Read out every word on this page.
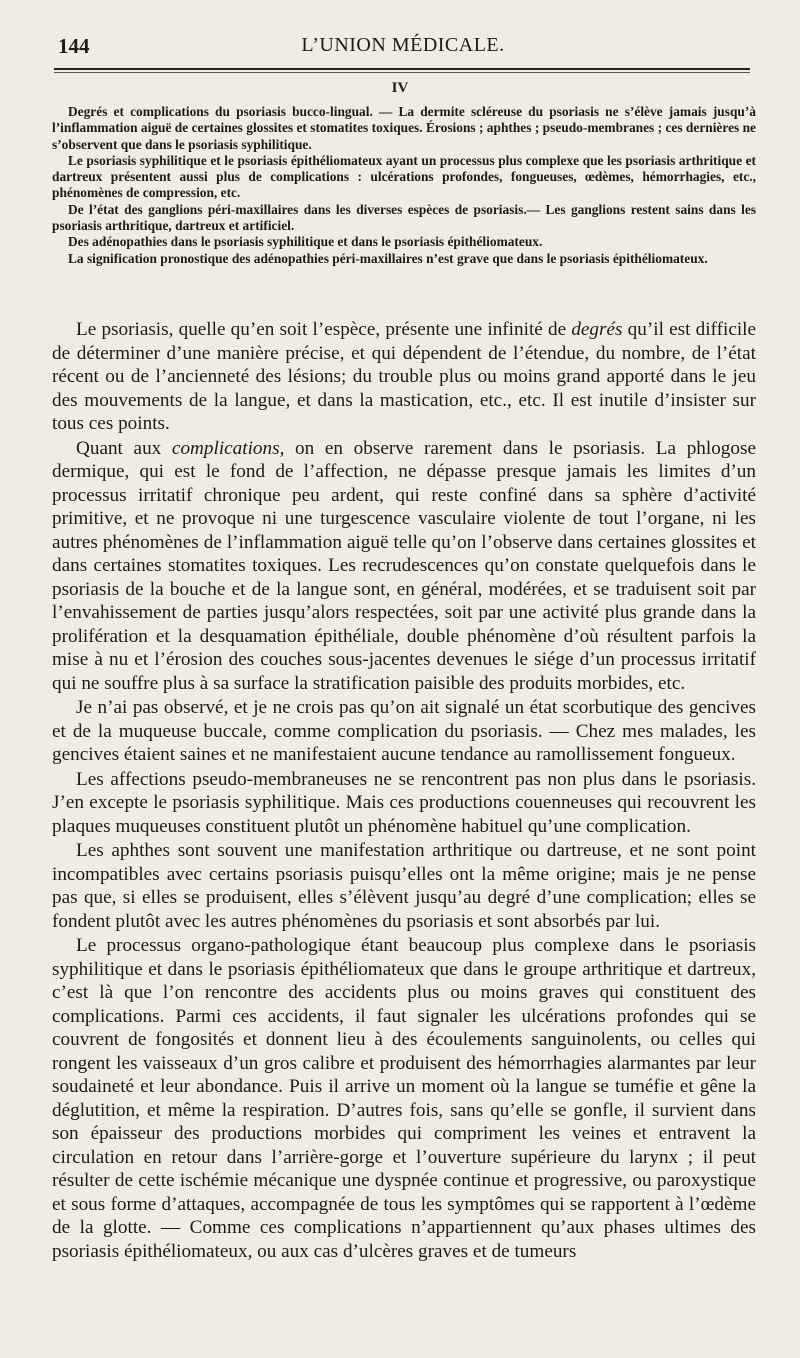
144	L’UNION MÉDICALE.
IV

Degrés et complications du psoriasis bucco-lingual. — La dermite scléreuse du psoriasis ne s’élève jamais jusqu’à l’inflammation aiguë de certaines glossites et stomatites toxiques. Érosions ; aphthes ; pseudo-membranes ; ces dernières ne s’observent que dans le psoriasis syphilitique.

Le psoriasis syphilitique et le psoriasis épithéliomateux ayant un processus plus complexe que les psoriasis arthritique et dartreux présentent aussi plus de complications : ulcérations profondes, fongueuses, œdèmes, hémorrhagies, etc., phénomènes de compression, etc.

De l’état des ganglions péri-maxillaires dans les diverses espèces de psoriasis.— Les ganglions restent sains dans les psoriasis arthritique, dartreux et artificiel.

Des adénopathies dans le psoriasis syphilitique et dans le psoriasis épithéliomateux.

La signification pronostique des adénopathies péri-maxillaires n’est grave que dans le psoriasis épithéliomateux.

Le psoriasis, quelle qu’en soit l’espèce, présente une infinité de degrés qu’il est difficile de déterminer d’une manière précise, et qui dépendent de l’étendue, du nombre, de l’état récent ou de l’ancienneté des lésions; du trouble plus ou moins grand apporté dans le jeu des mouvements de la langue, et dans la mastication, etc., etc. Il est inutile d’insister sur tous ces points.

Quant aux complications, on en observe rarement dans le psoriasis. La phlogose dermique, qui est le fond de l’affection, ne dépasse presque jamais les limites d’un processus irritatif chronique peu ardent, qui reste confiné dans sa sphère d’activité primitive, et ne provoque ni une turgescence vasculaire violente de tout l’organe, ni les autres phénomènes de l’inflammation aiguë telle qu’on l’observe dans certaines glossites et dans certaines stomatites toxiques. Les recrudescences qu’on constate quelquefois dans le psoriasis de la bouche et de la langue sont, en général, modérées, et se traduisent soit par l’envahissement de parties jusqu’alors respectées, soit par une activité plus grande dans la prolifération et la desquamation épithéliale, double phénomène d’où résultent parfois la mise à nu et l’érosion des couches sous-jacentes devenues le siége d’un processus irritatif qui ne souffre plus à sa surface la stratification paisible des produits morbides, etc.

Je n’ai pas observé, et je ne crois pas qu’on ait signalé un état scorbutique des gencives et de la muqueuse buccale, comme complication du psoriasis. — Chez mes malades, les gencives étaient saines et ne manifestaient aucune tendance au ramollissement fongueux.

Les affections pseudo-membraneuses ne se rencontrent pas non plus dans le psoriasis. J’en excepte le psoriasis syphilitique. Mais ces productions couenneuses qui recouvrent les plaques muqueuses constituent plutôt un phénomène habituel qu’une complication.

Les aphthes sont souvent une manifestation arthritique ou dartreuse, et ne sont point incompatibles avec certains psoriasis puisqu’elles ont la même origine; mais je ne pense pas que, si elles se produisent, elles s’élèvent jusqu’au degré d’une complication; elles se fondent plutôt avec les autres phénomènes du psoriasis et sont absorbés par lui.

Le processus organo-pathologique étant beaucoup plus complexe dans le psoriasis syphilitique et dans le psoriasis épithéliomateux que dans le groupe arthritique et dartreux, c’est là que l’on rencontre des accidents plus ou moins graves qui constituent des complications. Parmi ces accidents, il faut signaler les ulcérations profondes qui se couvrent de fongosités et donnent lieu à des écoulements sanguinolents, ou celles qui rongent les vaisseaux d’un gros calibre et produisent des hémorrhagies alarmantes par leur soudaineté et leur abondance. Puis il arrive un moment où la langue se tuméfie et gêne la déglutition, et même la respiration. D’autres fois, sans qu’elle se gonfle, il survient dans son épaisseur des productions morbides qui compriment les veines et entravent la circulation en retour dans l’arrière-gorge et l’ouverture supérieure du larynx ; il peut résulter de cette ischémie mécanique une dyspnée continue et progressive, ou paroxystique et sous forme d’attaques, accompagnée de tous les symptômes qui se rapportent à l’œdème de la glotte. — Comme ces complications n’appartiennent qu’aux phases ultimes des psoriasis épithéliomateux, ou aux cas d’ulcères graves et de tumeurs
